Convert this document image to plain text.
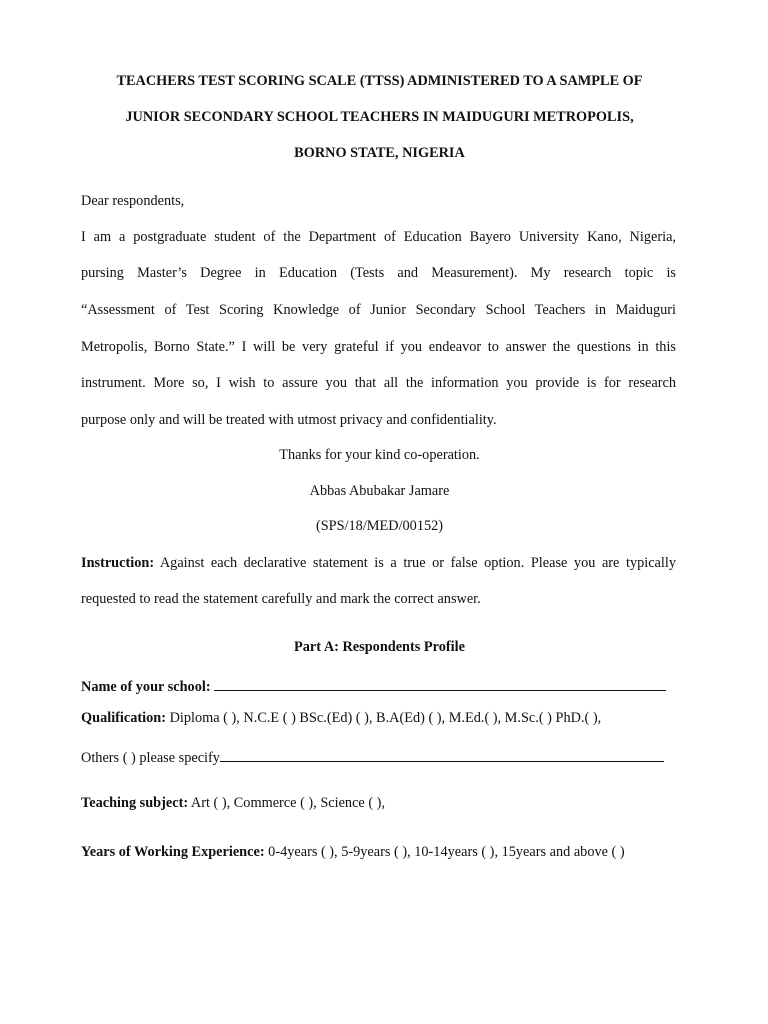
TEACHERS TEST SCORING SCALE (TTSS) ADMINISTERED TO A SAMPLE OF
JUNIOR SECONDARY SCHOOL TEACHERS IN MAIDUGURI METROPOLIS,
BORNO STATE, NIGERIA
Dear respondents,
I am a postgraduate student of the Department of Education Bayero University Kano, Nigeria,
pursing Master’s Degree in Education (Tests and Measurement). My research topic is
“Assessment of Test Scoring Knowledge of Junior Secondary School Teachers in Maiduguri
Metropolis, Borno State.” I will be very grateful if you endeavor to answer the questions in this
instrument. More so, I wish to assure you that all the information you provide is for research
purpose only and will be treated with utmost privacy and confidentiality.
Thanks for your kind co-operation.
Abbas Abubakar Jamare
(SPS/18/MED/00152)
Instruction: Against each declarative statement is a true or false option. Please you are typically
requested to read the statement carefully and mark the correct answer.
Part A: Respondents Profile
Name of your school:
Qualification: Diploma ( ), N.C.E ( ) BSc.(Ed) ( ), B.A(Ed) ( ), M.Ed.( ), M.Sc.( ) PhD.( ),
Others ( ) please specify
Teaching subject: Art ( ), Commerce ( ), Science ( ),
Years of Working Experience: 0-4years ( ), 5-9years ( ), 10-14years ( ), 15years and above ( )
